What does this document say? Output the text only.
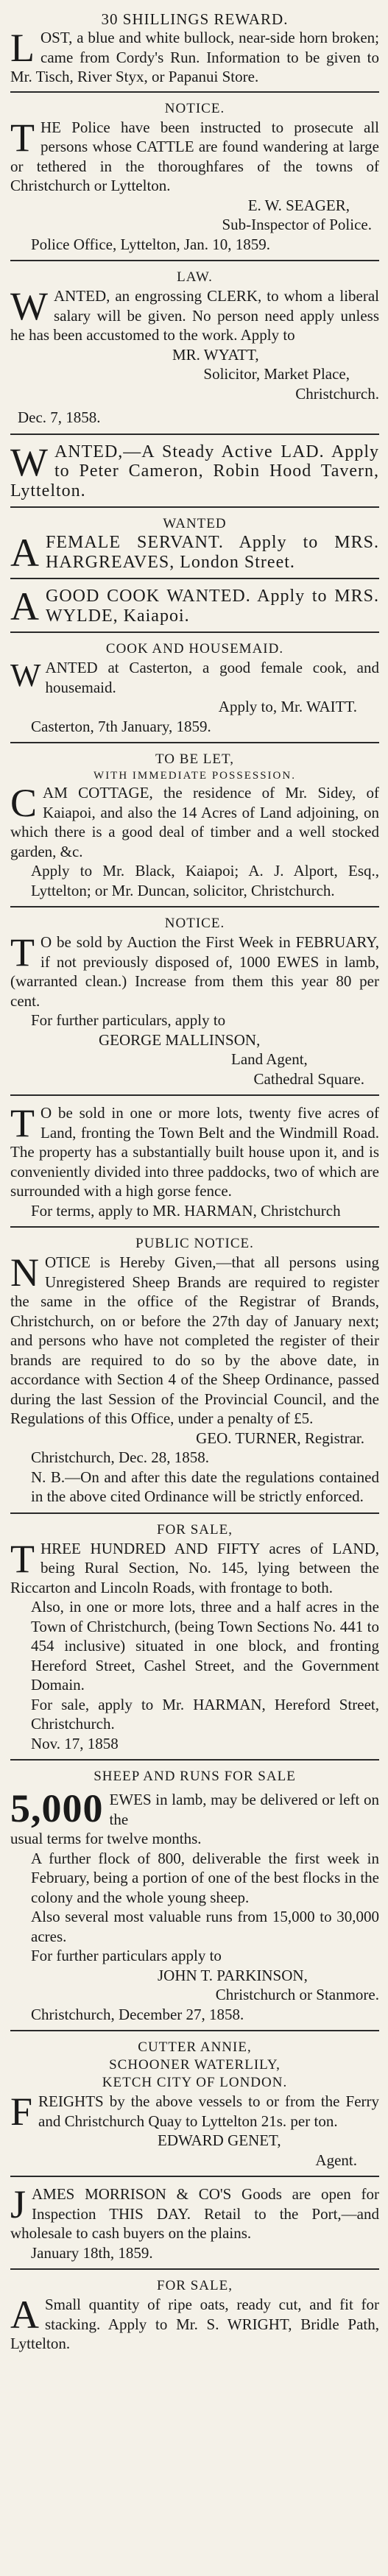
30 SHILLINGS REWARD.
L OST, a blue and white bullock, near-side horn broken; came from Cordy's Run. Information to be given to Mr. Tisch, River Styx, or Papanui Store.
NOTICE.
T HE Police have been instructed to prosecute all persons whose CATTLE are found wandering at large or tethered in the thoroughfares of the towns of Christchurch or Lyttelton.
E. W. SEAGER,
Sub-Inspector of Police.
Police Office, Lyttelton, Jan. 10, 1859.
LAW.
W ANTED, an engrossing CLERK, to whom a liberal salary will be given. No person need apply unless he has been accustomed to the work. Apply to
MR. WYATT,
Solicitor, Market Place,
Christchurch.
Dec. 7, 1858.
W ANTED,—A Steady Active LAD. Apply to Peter Cameron, Robin Hood Tavern, Lyttelton.
WANTED
A FEMALE SERVANT. Apply to MRS. HARGREAVES, London Street.
A GOOD COOK WANTED. Apply to MRS. WYLDE, Kaiapoi.
COOK AND HOUSEMAID.
W ANTED at Casterton, a good female cook, and housemaid.
Apply to, Mr. WAITT.
Casterton, 7th January, 1859.
TO BE LET,
WITH IMMEDIATE POSSESSION.
C AM COTTAGE, the residence of Mr. Sidey, of Kaiapoi, and also the 14 Acres of Land adjoining, on which there is a good deal of timber and a well stocked garden, &c.
Apply to Mr. Black, Kaiapoi; A. J. Alport, Esq., Lyttelton; or Mr. Duncan, solicitor, Christchurch.
NOTICE.
T O be sold by Auction the First Week in FEBRUARY, if not previously disposed of, 1000 EWES in lamb, (warranted clean.) Increase from them this year 80 per cent.
For further particulars, apply to
GEORGE MALLINSON,
Land Agent,
Cathedral Square.
T O be sold in one or more lots, twenty five acres of Land, fronting the Town Belt and the Windmill Road. The property has a substantially built house upon it, and is conveniently divided into three paddocks, two of which are surrounded with a high gorse fence.
For terms, apply to MR. HARMAN, Christchurch
PUBLIC NOTICE.
N OTICE is Hereby Given,—that all persons using Unregistered Sheep Brands are required to register the same in the office of the Registrar of Brands, Christchurch, on or before the 27th day of January next; and persons who have not completed the register of their brands are required to do so by the above date, in accordance with Section 4 of the Sheep Ordinance, passed during the last Session of the Provincial Council, and the Regulations of this Office, under a penalty of £5.
GEO. TURNER, Registrar.
Christchurch, Dec. 28, 1858.
N. B.—On and after this date the regulations contained in the above cited Ordinance will be strictly enforced.
FOR SALE,
T HREE HUNDRED AND FIFTY acres of LAND, being Rural Section, No. 145, lying between the Riccarton and Lincoln Roads, with frontage to both.
Also, in one or more lots, three and a half acres in the Town of Christchurch, (being Town Sections No. 441 to 454 inclusive) situated in one block, and fronting Hereford Street, Cashel Street, and the Government Domain.
For sale, apply to Mr. HARMAN, Hereford Street, Christchurch.
Nov. 17, 1858
SHEEP AND RUNS FOR SALE
5,000 EWES in lamb, may be delivered or left on the
usual terms for twelve months.
A further flock of 800, deliverable the first week in February, being a portion of one of the best flocks in the colony and the whole young sheep.
Also several most valuable runs from 15,000 to 30,000 acres.
For further particulars apply to
JOHN T. PARKINSON,
Christchurch or Stanmore.
Christchurch, December 27, 1858.
CUTTER ANNIE,
SCHOONER WATERLILY,
KETCH CITY OF LONDON.
F REIGHTS by the above vessels to or from the Ferry and Christchurch Quay to Lyttelton 21s. per ton.
EDWARD GENET,
Agent.
J AMES MORRISON & CO'S Goods are open for Inspection THIS DAY. Retail to the Port,—and wholesale to cash buyers on the plains.
January 18th, 1859.
FOR SALE,
A Small quantity of ripe oats, ready cut, and fit for stacking. Apply to Mr. S. WRIGHT, Bridle Path, Lyttelton.
